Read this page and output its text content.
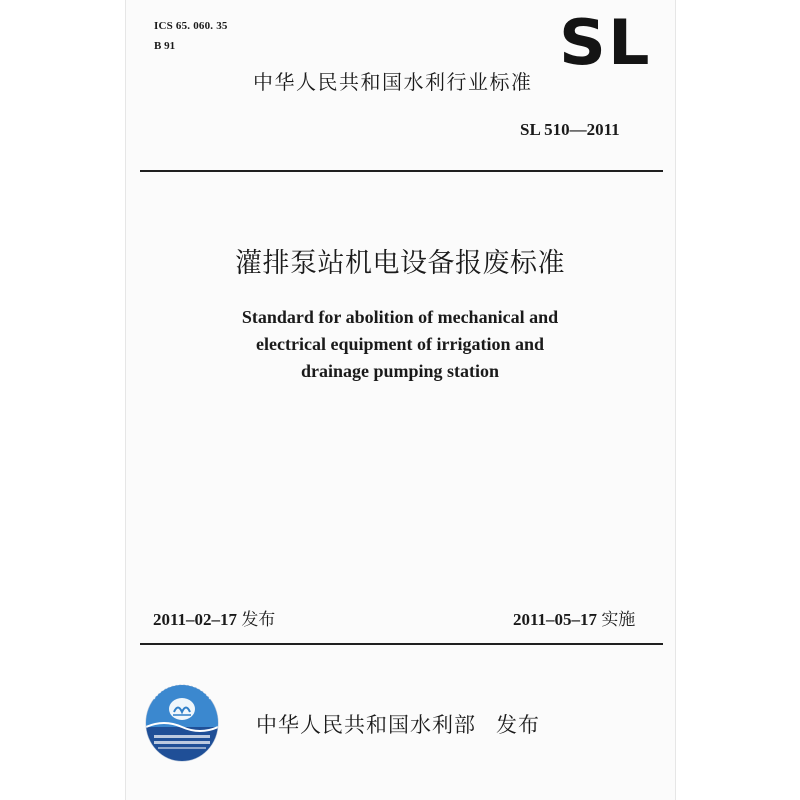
ICS 65. 060. 35
B 91	SL
中华人民共和国水利行业标准
SL 510—2011
灌排泵站机电设备报废标准
Standard for abolition of mechanical and
electrical equipment of irrigation and
drainage pumping station
2011–02–17 发布	2011–05–17 实施
中华人民共和国水利部 发布
